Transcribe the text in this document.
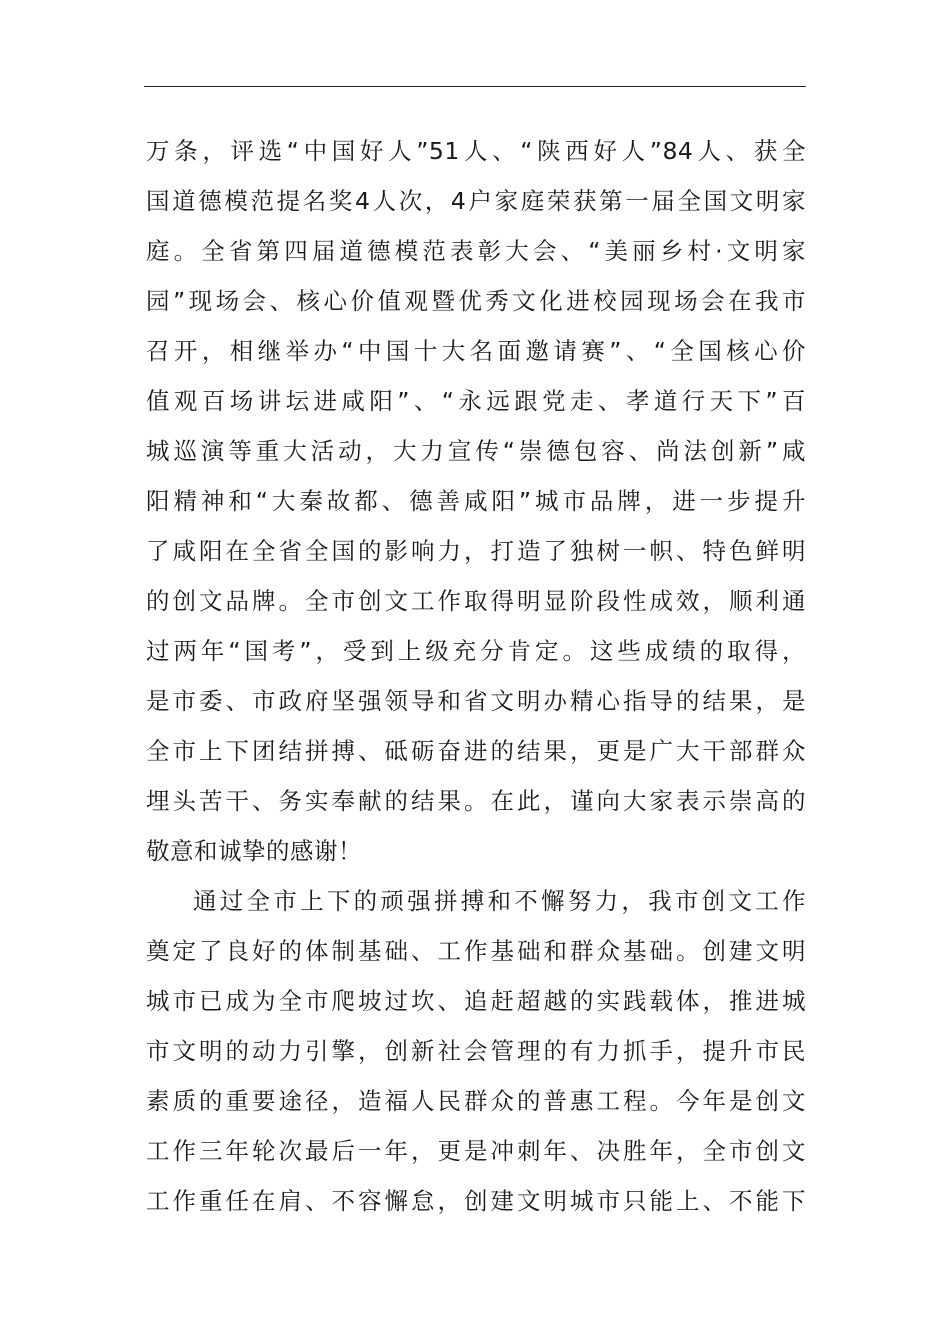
万条，评选“中国好人”51人、“陕西好人”84人、获全
国道德模范提名奖4人次，4户家庭荣获第一届全国文明家
庭。全省第四届道德模范表彰大会、“美丽乡村·文明家
园”现场会、核心价值观暨优秀文化进校园现场会在我市
召开，相继举办“中国十大名面邀请赛”、“全国核心价
值观百场讲坛进咸阳”、“永远跟党走、孝道行天下”百
城巡演等重大活动，大力宣传“崇德包容、尚法创新”咸
阳精神和“大秦故都、德善咸阳”城市品牌，进一步提升
了咸阳在全省全国的影响力，打造了独树一帜、特色鲜明
的创文品牌。全市创文工作取得明显阶段性成效，顺利通
过两年“国考”，受到上级充分肯定。这些成绩的取得，
是市委、市政府坚强领导和省文明办精心指导的结果，是
全市上下团结拼搏、砥砺奋进的结果，更是广大干部群众
埋头苦干、务实奉献的结果。在此，谨向大家表示崇高的
敬意和诚挚的感谢！
通过全市上下的顽强拼搏和不懈努力，我市创文工作
奠定了良好的体制基础、工作基础和群众基础。创建文明
城市已成为全市爬坡过坎、追赶超越的实践载体，推进城
市文明的动力引擎，创新社会管理的有力抓手，提升市民
素质的重要途径，造福人民群众的普惠工程。今年是创文
工作三年轮次最后一年，更是冲刺年、决胜年，全市创文
工作重任在肩、不容懈怠，创建文明城市只能上、不能下
